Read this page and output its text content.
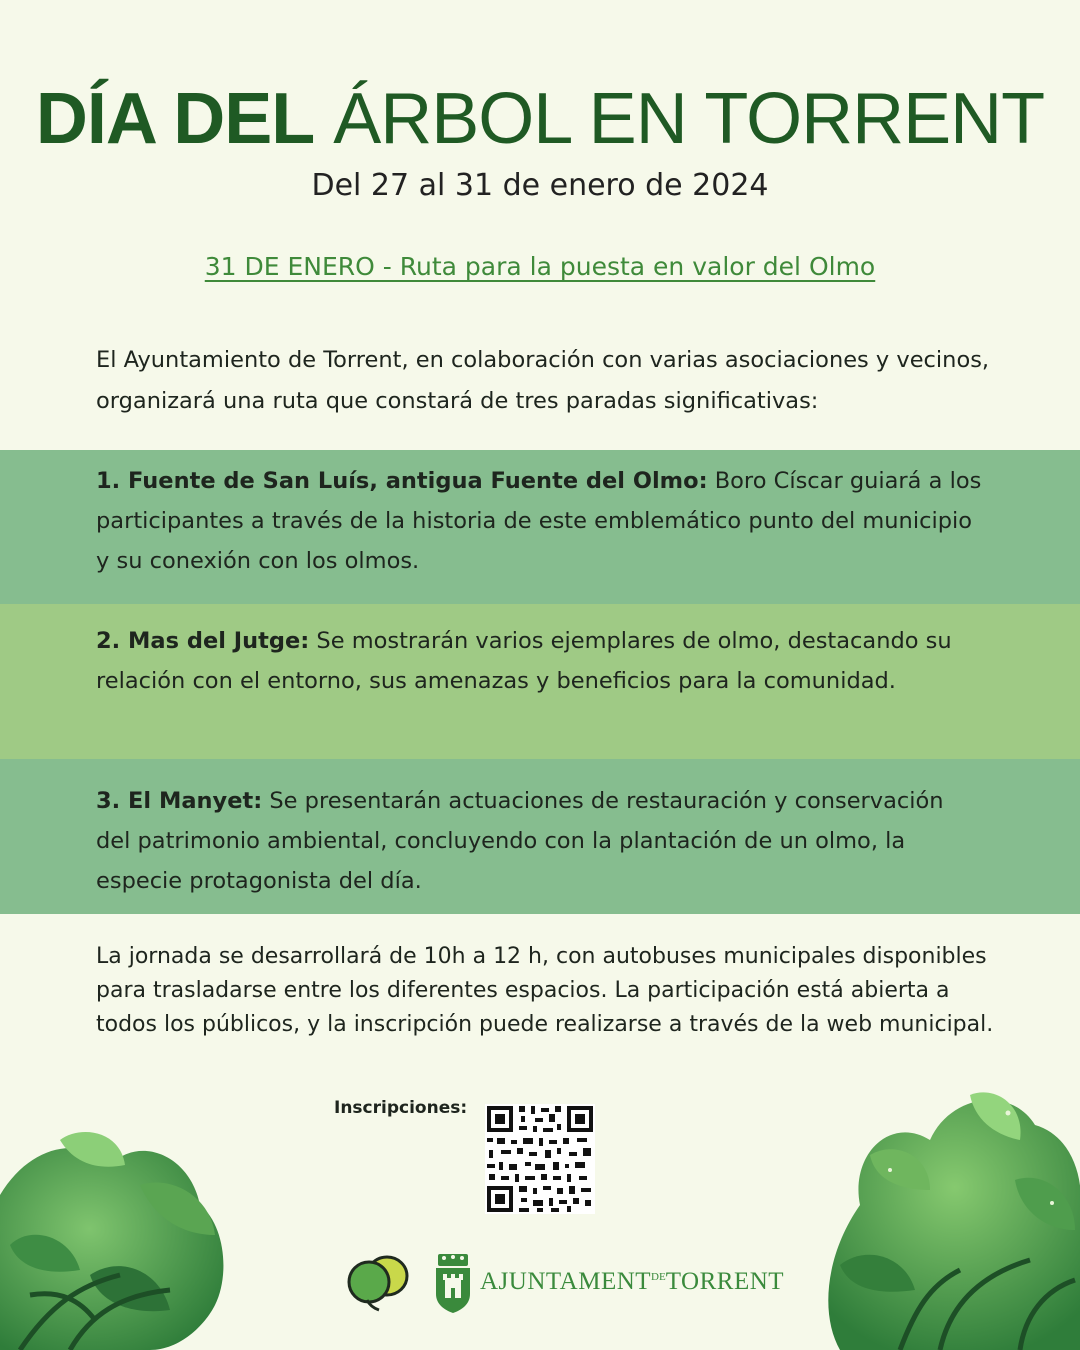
DÍA DEL ÁRBOL EN TORRENT
Del 27 al 31 de enero de 2024
31 DE ENERO - Ruta para la puesta en valor del Olmo
El Ayuntamiento de Torrent, en colaboración con varias asociaciones y vecinos, organizará una ruta que constará de tres paradas significativas:
1. Fuente de San Luís, antigua Fuente del Olmo: Boro Císcar guiará a los participantes a través de la historia de este emblemático punto del municipio y su conexión con los olmos.
2. Mas del Jutge: Se mostrarán varios ejemplares de olmo, destacando su relación con el entorno, sus amenazas y beneficios para la comunidad.
3. El Manyet: Se presentarán actuaciones de restauración y conservación del patrimonio ambiental, concluyendo con la plantación de un olmo, la especie protagonista del día.
La jornada se desarrollará de 10h a 12 h, con autobuses municipales disponibles para trasladarse entre los diferentes espacios. La participación está abierta a todos los públicos, y la inscripción puede realizarse a través de la web municipal.
Inscripciones:
$AJUNTAMENT^{DE}TORRENT$
